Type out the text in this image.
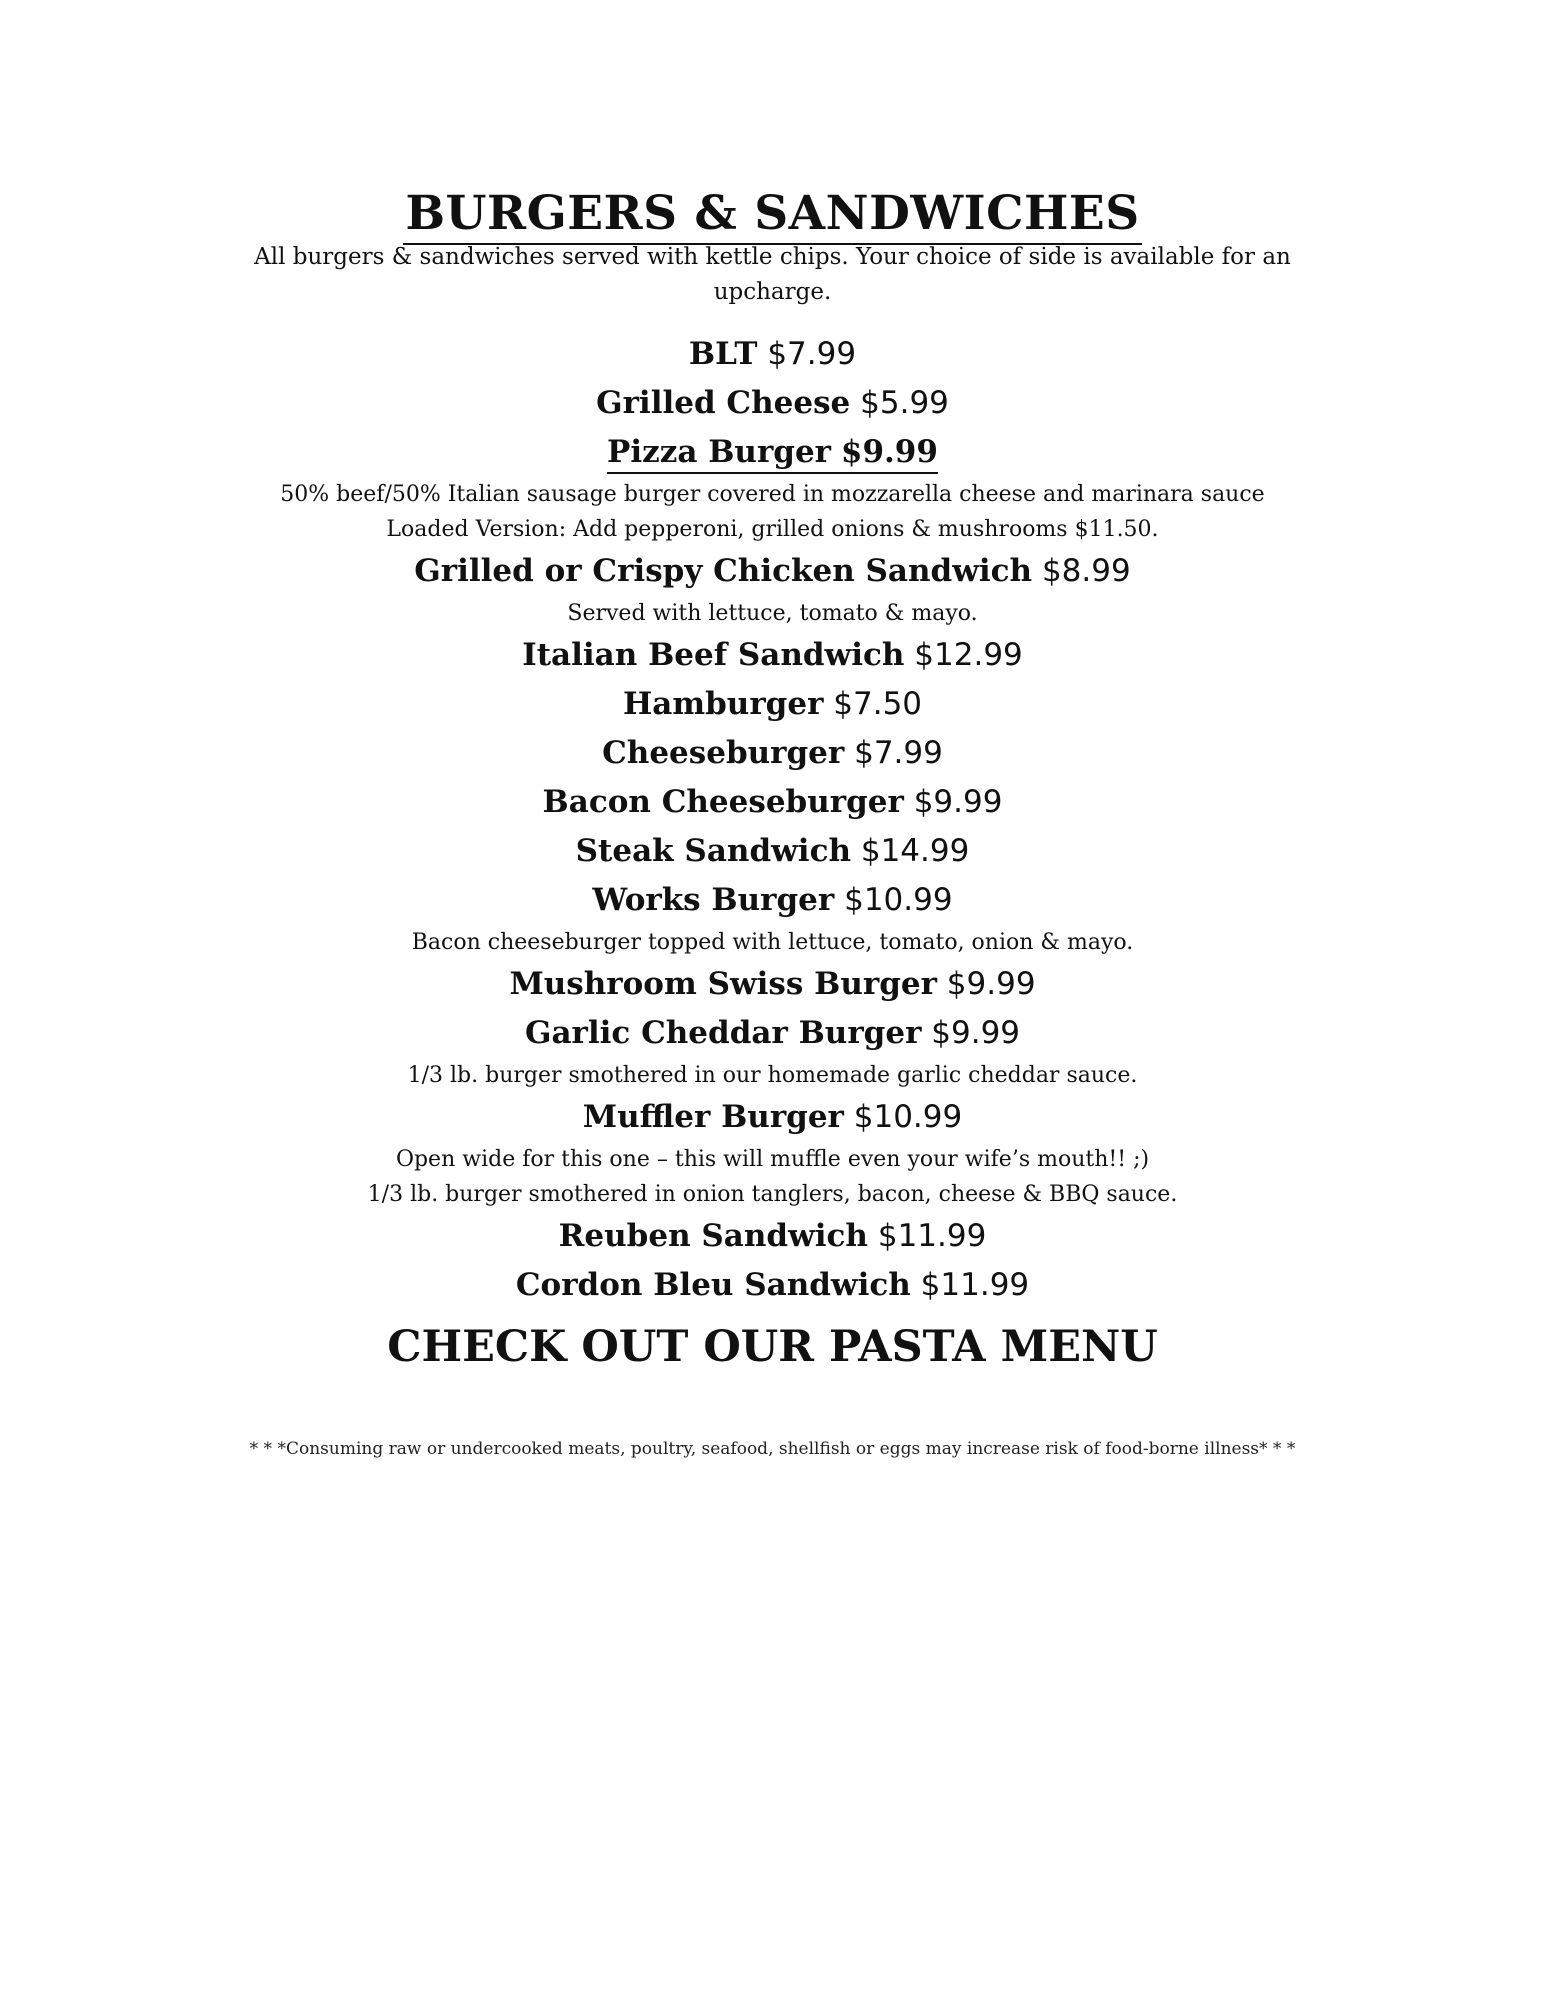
BURGERS & SANDWICHES
All burgers & sandwiches served with kettle chips. Your choice of side is available for an upcharge.
BLT $7.99
Grilled Cheese $5.99
Pizza Burger $9.99
50% beef/50% Italian sausage burger covered in mozzarella cheese and marinara sauce
Loaded Version: Add pepperoni, grilled onions & mushrooms $11.50.
Grilled or Crispy Chicken Sandwich $8.99
Served with lettuce, tomato & mayo.
Italian Beef Sandwich $12.99
Hamburger $7.50
Cheeseburger $7.99
Bacon Cheeseburger $9.99
Steak Sandwich $14.99
Works Burger $10.99
Bacon cheeseburger topped with lettuce, tomato, onion & mayo.
Mushroom Swiss Burger $9.99
Garlic Cheddar Burger $9.99
1/3 lb. burger smothered in our homemade garlic cheddar sauce.
Muffler Burger $10.99
Open wide for this one – this will muffle even your wife’s mouth!! ;)
1/3 lb. burger smothered in onion tanglers, bacon, cheese & BBQ sauce.
Reuben Sandwich $11.99
Cordon Bleu Sandwich $11.99
CHECK OUT OUR PASTA MENU
* * *Consuming raw or undercooked meats, poultry, seafood, shellfish or eggs may increase risk of food-borne illness* * *
